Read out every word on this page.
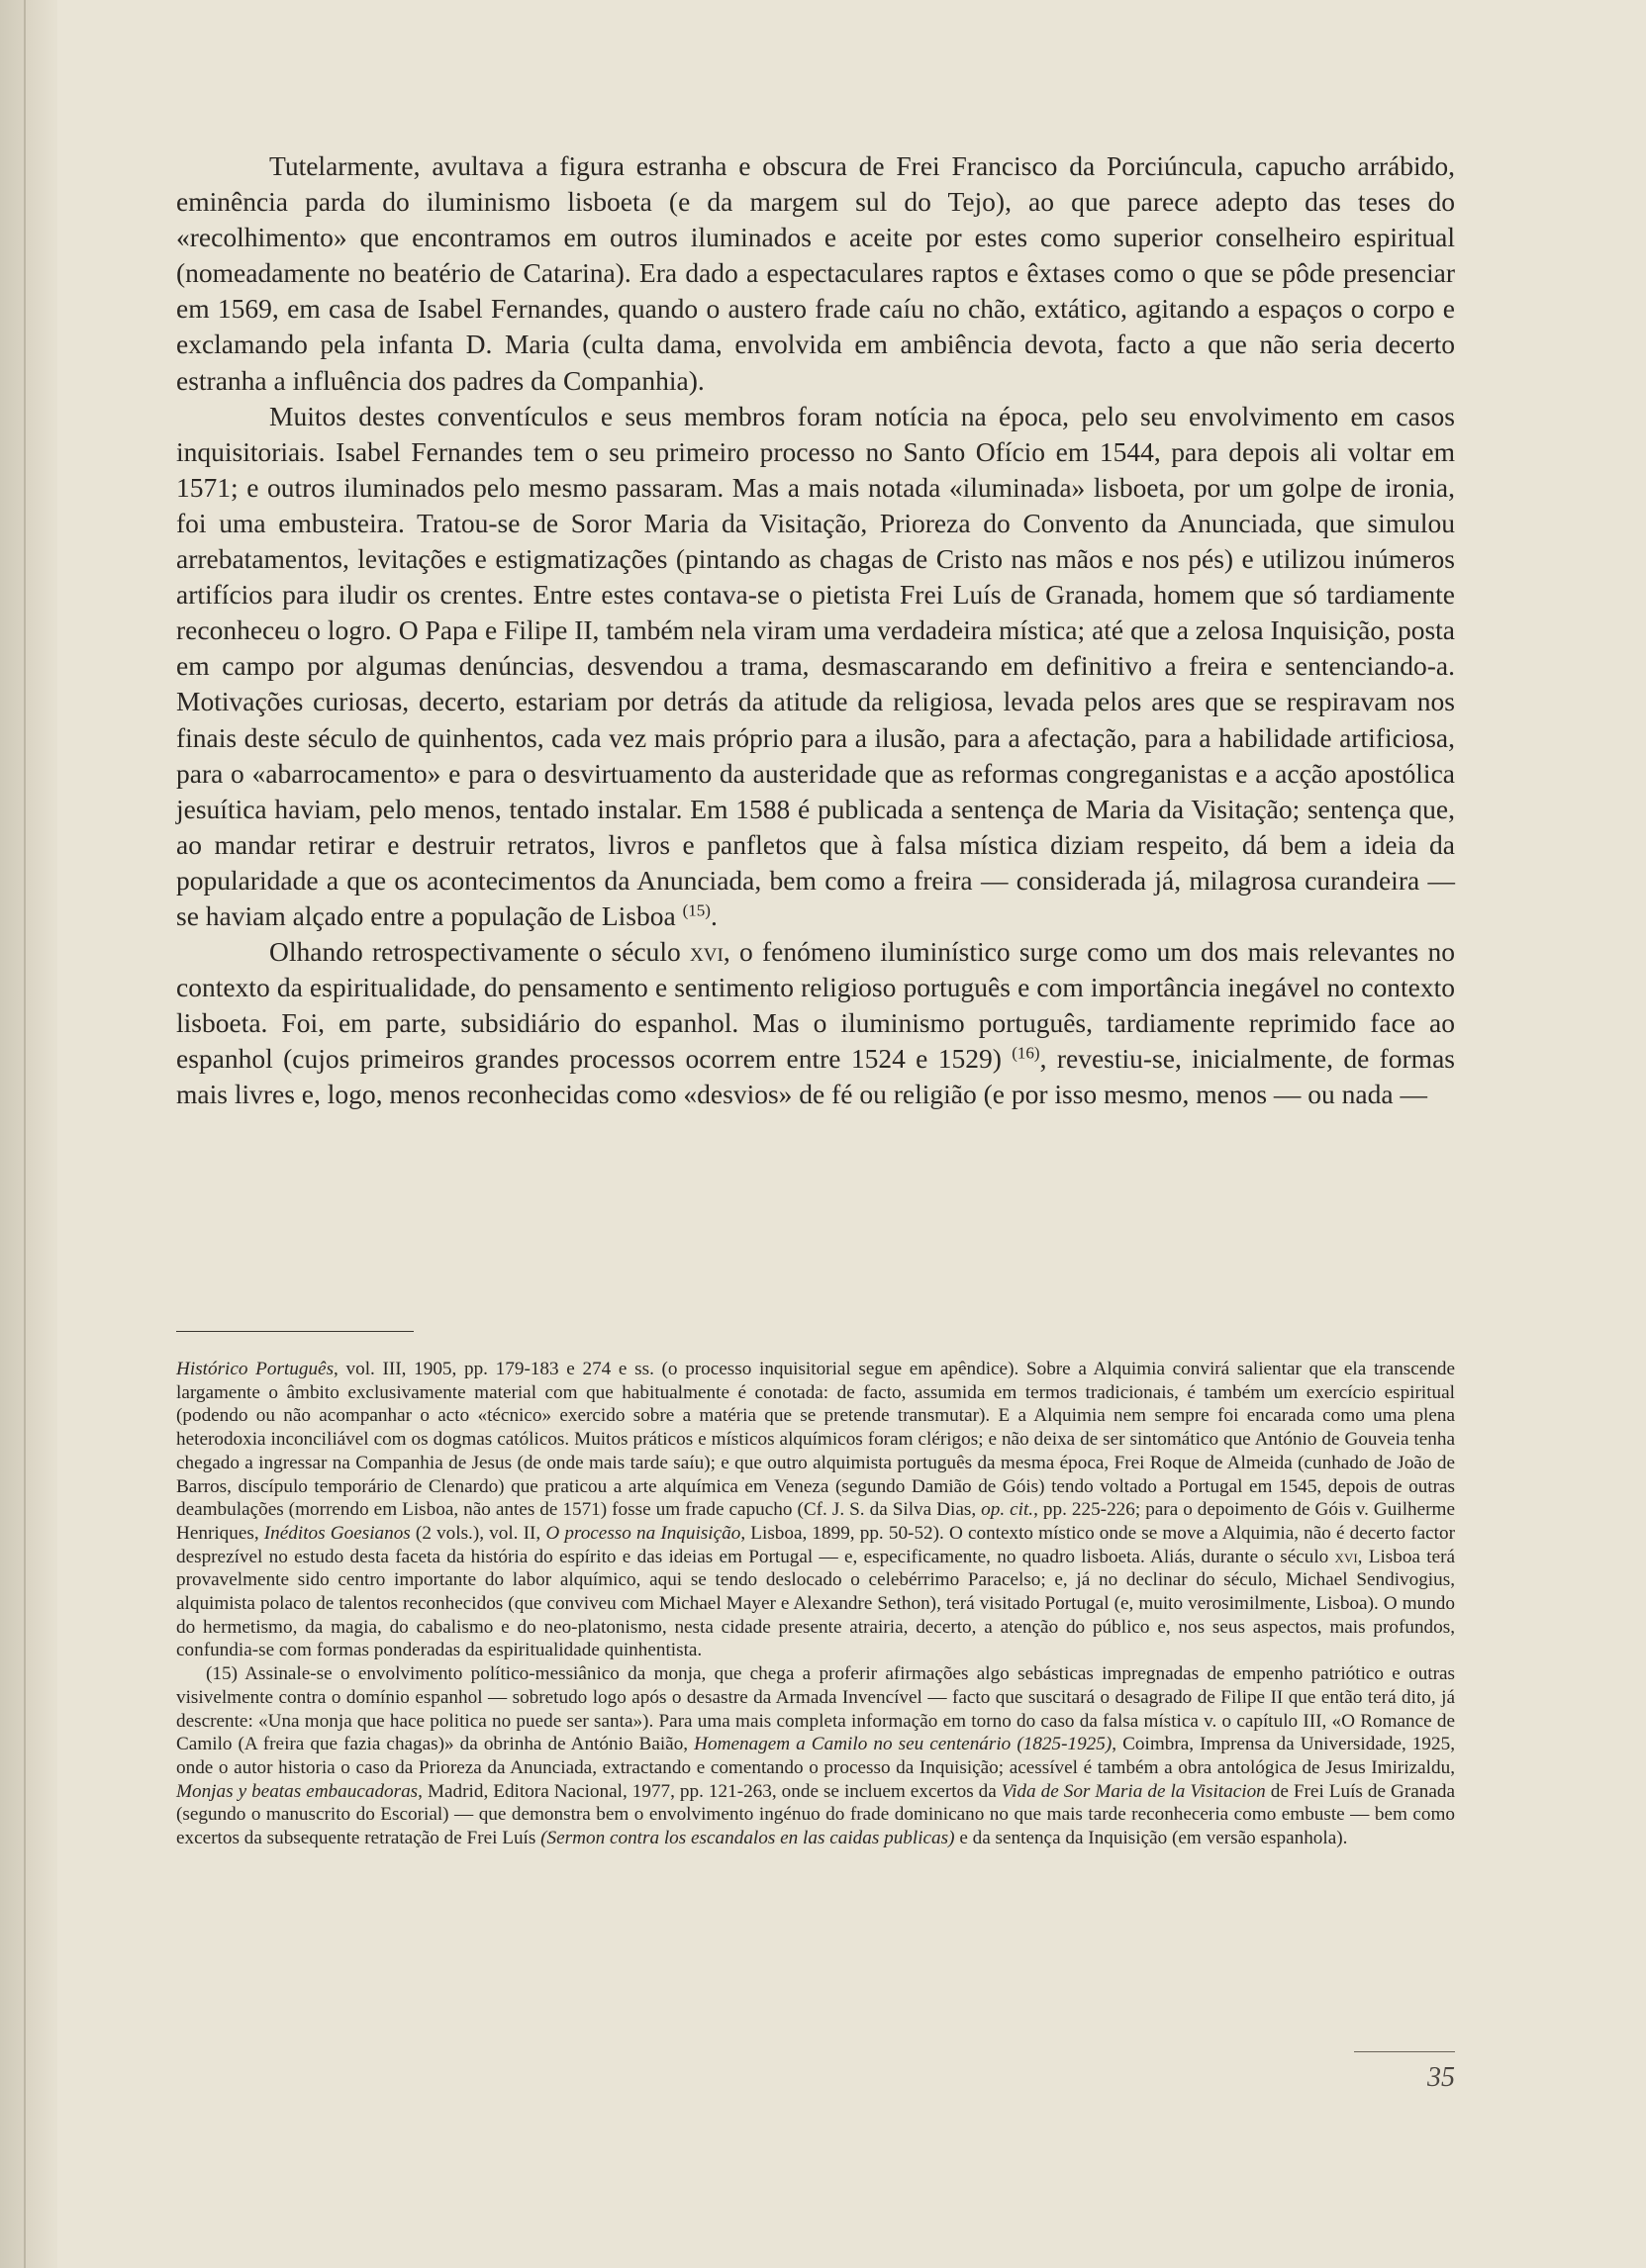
Tutelarmente, avultava a figura estranha e obscura de Frei Francisco da Porciúncula, capucho arrábido, eminência parda do iluminismo lisboeta (e da margem sul do Tejo), ao que parece adepto das teses do «recolhimento» que encontramos em outros iluminados e aceite por estes como superior conselheiro espiritual (nomeadamente no beatério de Catarina). Era dado a espectaculares raptos e êxtases como o que se pôde presenciar em 1569, em casa de Isabel Fernandes, quando o austero frade caíu no chão, extático, agitando a espaços o corpo e exclamando pela infanta D. Maria (culta dama, envolvida em ambiência devota, facto a que não seria decerto estranha a influência dos padres da Companhia).

Muitos destes conventículos e seus membros foram notícia na época, pelo seu envolvimento em casos inquisitoriais. Isabel Fernandes tem o seu primeiro processo no Santo Ofício em 1544, para depois ali voltar em 1571; e outros iluminados pelo mesmo passaram. Mas a mais notada «iluminada» lisboeta, por um golpe de ironia, foi uma embusteira. Tratou-se de Soror Maria da Visitação, Prioreza do Convento da Anunciada, que simulou arrebatamentos, levitações e estigmatizações (pintando as chagas de Cristo nas mãos e nos pés) e utilizou inúmeros artifícios para iludir os crentes. Entre estes contava-se o pietista Frei Luís de Granada, homem que só tardiamente reconheceu o logro. O Papa e Filipe II, também nela viram uma verdadeira mística; até que a zelosa Inquisição, posta em campo por algumas denúncias, desvendou a trama, desmascarando em definitivo a freira e sentenciando-a. Motivações curiosas, decerto, estariam por detrás da atitude da religiosa, levada pelos ares que se respiravam nos finais deste século de quinhentos, cada vez mais próprio para a ilusão, para a afectação, para a habilidade artificiosa, para o «abarrocamento» e para o desvirtuamento da austeridade que as reformas congreganistas e a acção apostólica jesuítica haviam, pelo menos, tentado instalar. Em 1588 é publicada a sentença de Maria da Visitação; sentença que, ao mandar retirar e destruir retratos, livros e panfletos que à falsa mística diziam respeito, dá bem a ideia da popularidade a que os acontecimentos da Anunciada, bem como a freira — considerada já, milagrosa curandeira — se haviam alçado entre a população de Lisboa $^{(15)}$.

Olhando retrospectivamente o século xvi, o fenómeno iluminístico surge como um dos mais relevantes no contexto da espiritualidade, do pensamento e sentimento religioso português e com importância inegável no contexto lisboeta. Foi, em parte, subsidiário do espanhol. Mas o iluminismo português, tardiamente reprimido face ao espanhol (cujos primeiros grandes processos ocorrem entre 1524 e 1529) $^{(16)}$, revestiu-se, inicialmente, de formas mais livres e, logo, menos reconhecidas como «desvios» de fé ou religião (e por isso mesmo, menos — ou nada —

Histórico Português, vol. III, 1905, pp. 179-183 e 274 e ss. (o processo inquisitorial segue em apêndice). Sobre a Alquimia convirá salientar que ela transcende largamente o âmbito exclusivamente material com que habitualmente é conotada: de facto, assumida em termos tradicionais, é também um exercício espiritual (podendo ou não acompanhar o acto «técnico» exercido sobre a matéria que se pretende transmutar). E a Alquimia nem sempre foi encarada como uma plena heterodoxia inconciliável com os dogmas católicos. Muitos práticos e místicos alquímicos foram clérigos; e não deixa de ser sintomático que António de Gouveia tenha chegado a ingressar na Companhia de Jesus (de onde mais tarde saíu); e que outro alquimista português da mesma época, Frei Roque de Almeida (cunhado de João de Barros, discípulo temporário de Clenardo) que praticou a arte alquímica em Veneza (segundo Damião de Góis) tendo voltado a Portugal em 1545, depois de outras deambulações (morrendo em Lisboa, não antes de 1571) fosse um frade capucho (Cf. J. S. da Silva Dias, op. cit., pp. 225-226; para o depoimento de Góis v. Guilherme Henriques, Inéditos Goesianos (2 vols.), vol. II, O processo na Inquisição, Lisboa, 1899, pp. 50-52). O contexto místico onde se move a Alquimia, não é decerto factor desprezível no estudo desta faceta da história do espírito e das ideias em Portugal — e, especificamente, no quadro lisboeta. Aliás, durante o século xvi, Lisboa terá provavelmente sido centro importante do labor alquímico, aqui se tendo deslocado o celebérrimo Paracelso; e, já no declinar do século, Michael Sendivogius, alquimista polaco de talentos reconhecidos (que conviveu com Michael Mayer e Alexandre Sethon), terá visitado Portugal (e, muito verosimilmente, Lisboa). O mundo do hermetismo, da magia, do cabalismo e do neo-platonismo, nesta cidade presente atrairia, decerto, a atenção do público e, nos seus aspectos, mais profundos, confundia-se com formas ponderadas da espiritualidade quinhentista.

(15) Assinale-se o envolvimento político-messiânico da monja, que chega a proferir afirmações algo sebásticas impregnadas de empenho patriótico e outras visivelmente contra o domínio espanhol — sobretudo logo após o desastre da Armada Invencível — facto que suscitará o desagrado de Filipe II que então terá dito, já descrente: «Una monja que hace politica no puede ser santa»). Para uma mais completa informação em torno do caso da falsa mística v. o capítulo III, «O Romance de Camilo (A freira que fazia chagas)» da obrinha de António Baião, Homenagem a Camilo no seu centenário (1825-1925), Coimbra, Imprensa da Universidade, 1925, onde o autor historia o caso da Prioreza da Anunciada, extractando e comentando o processo da Inquisição; acessível é também a obra antológica de Jesus Imirizaldu, Monjas y beatas embaucadoras, Madrid, Editora Nacional, 1977, pp. 121-263, onde se incluem excertos da Vida de Sor Maria de la Visitacion de Frei Luís de Granada (segundo o manuscrito do Escorial) — que demonstra bem o envolvimento ingénuo do frade dominicano no que mais tarde reconheceria como embuste — bem como excertos da subsequente retratação de Frei Luís (Sermon contra los escandalos en las caidas publicas) e da sentença da Inquisição (em versão espanhola).

35
